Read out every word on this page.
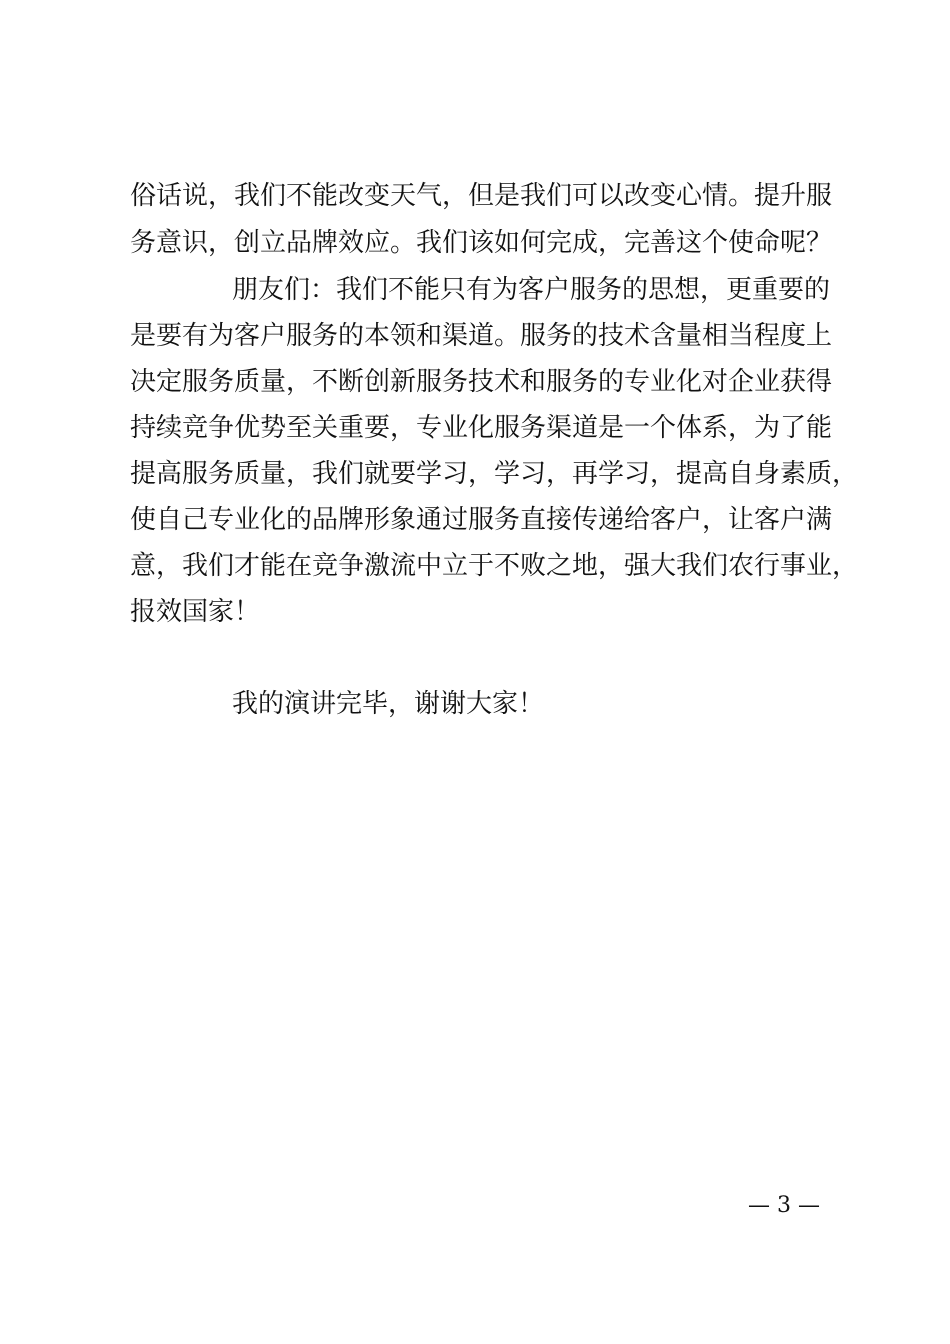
俗话说，我们不能改变天气，但是我们可以改变心情。提升服
务意识，创立品牌效应。我们该如何完成，完善这个使命呢？
朋友们：我们不能只有为客户服务的思想，更重要的
是要有为客户服务的本领和渠道。服务的技术含量相当程度上
决定服务质量，不断创新服务技术和服务的专业化对企业获得
持续竞争优势至关重要，专业化服务渠道是一个体系，为了能
提高服务质量，我们就要学习，学习，再学习，提高自身素质，
使自己专业化的品牌形象通过服务直接传递给客户，让客户满
意，我们才能在竞争激流中立于不败之地，强大我们农行事业，
报效国家！
我的演讲完毕，谢谢大家！
— 3 —
